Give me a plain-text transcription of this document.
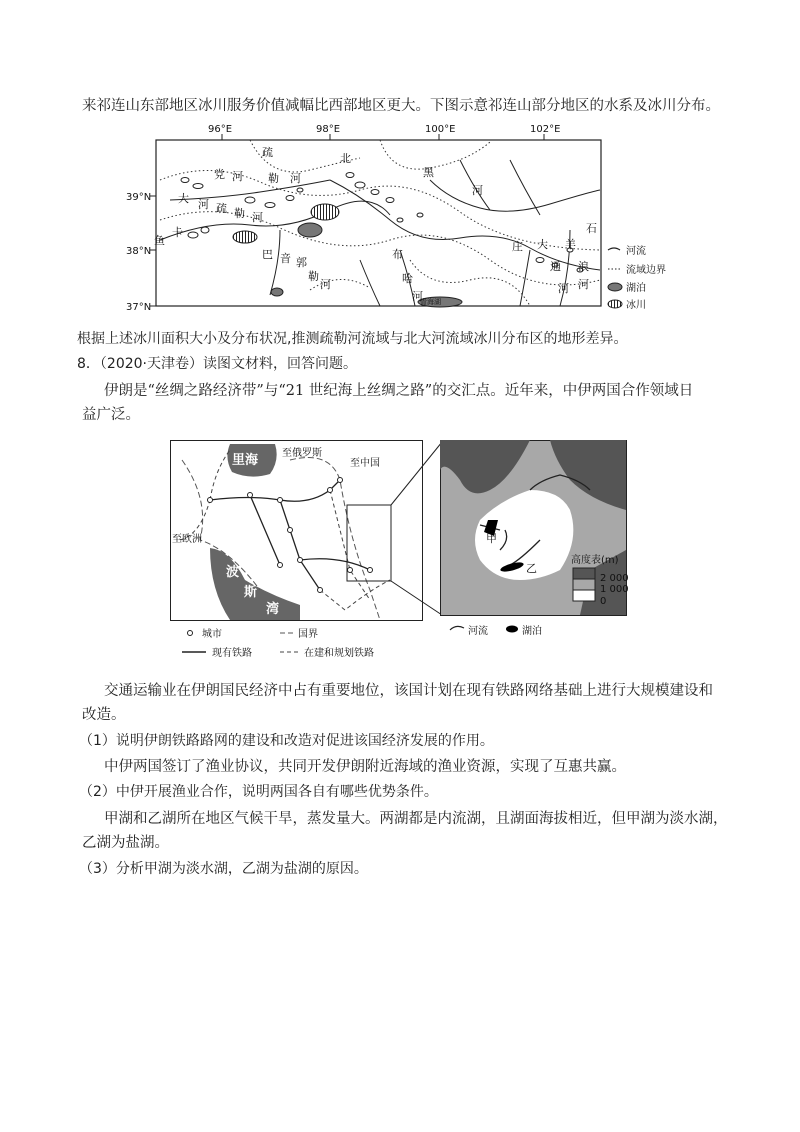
来祁连山东部地区冰川服务价值减幅比西部地区更大。下图示意祁连山部分地区的水系及冰川分布。
96°E	98°E	100°E	102°E
39°N
38°N
37°N
疏
勒 河
党 河
北
大 河
黑
河
疏 勒 河
鱼
卡
巴 音 郭
勒
河
布
哈
河
青海湖
石
羊
大
通
河
庄
浪
河
河流
流域边界
湖泊
冰川
根据上述冰川面积大小及分布状况,推测疏勒河流域与北大河流域冰川分布区的地形差异。
8．（2020·天津卷）读图文材料，回答问题。
伊朗是“丝绸之路经济带”与“21 世纪海上丝绸之路”的交汇点。近年来，中伊两国合作领域日
益广泛。
里海
波
斯
湾
至俄罗斯
至中国
至欧洲
城市	国界
现有铁路	在建和规划铁路
甲
乙
高度表(m)
2 000
1 000
0
河流	湖泊
交通运输业在伊朗国民经济中占有重要地位，该国计划在现有铁路网络基础上进行大规模建设和
改造。
（1）说明伊朗铁路路网的建设和改造对促进该国经济发展的作用。
中伊两国签订了渔业协议，共同开发伊朗附近海域的渔业资源，实现了互惠共赢。
（2）中伊开展渔业合作，说明两国各自有哪些优势条件。
甲湖和乙湖所在地区气候干旱，蒸发量大。两湖都是内流湖，且湖面海拔相近，但甲湖为淡水湖，
乙湖为盐湖。
（3）分析甲湖为淡水湖，乙湖为盐湖的原因。
